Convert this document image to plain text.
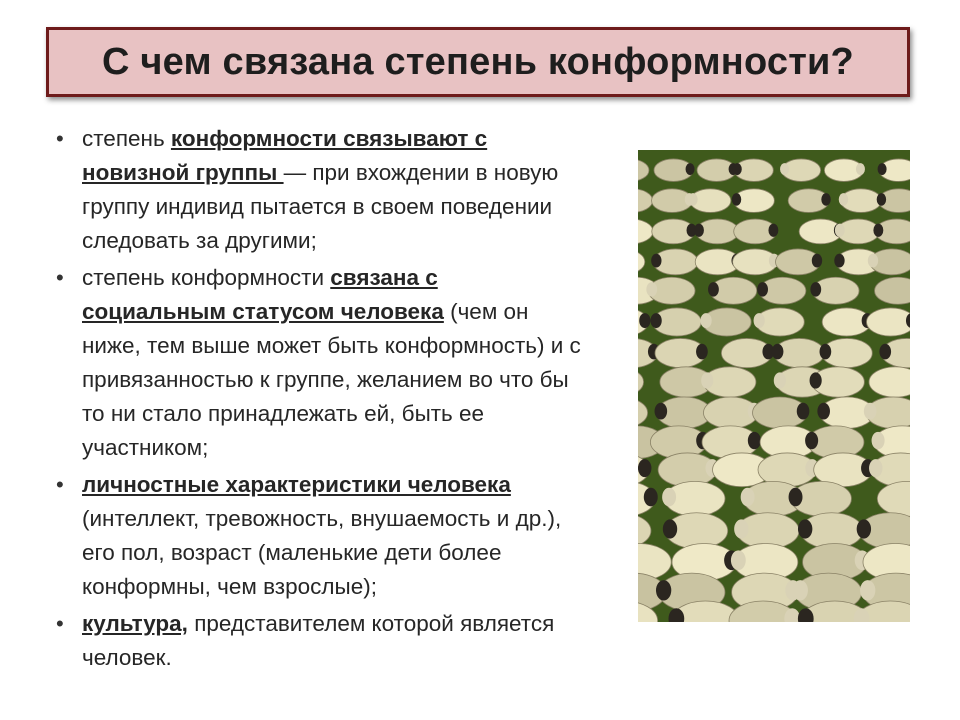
С чем связана степень конформности?
• степень конформности связывают с новизной группы — при вхождении в новую группу индивид пытается в своем поведении следовать за другими;
• степень конформности связана с социальным статусом человека (чем он ниже, тем выше может быть конформность) и с привязанностью к группе, желанием во что бы то ни стало принадлежать ей, быть ее участником;
• личностные характеристики человека (интеллект, тревожность, внушаемость и др.), его пол, возраст (маленькие дети более конформны, чем взрослые);
• культура, представителем которой является человек.
